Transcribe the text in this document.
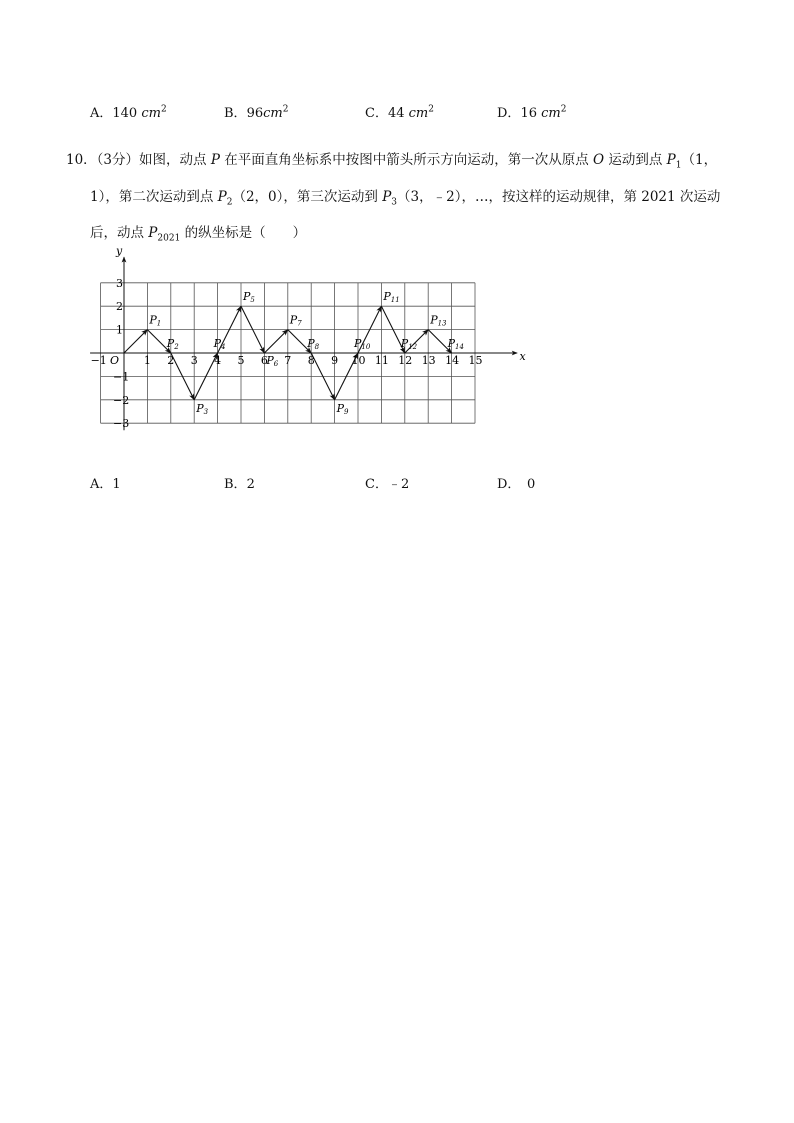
A．140 $cm^2$	B．$96cm^2$	C．44 $cm^2$	D．16 $cm^2$
10．（3分）如图，动点 P 在平面直角坐标系中按图中箭头所示方向运动，第一次从原点 O 运动到点 $P_1(1$，
1），第二次运动到点 $P_2(2$，0），第三次运动到 $P_3(3$，﹣2），…，按这样的运动规律，第 2021 次运动
后，动点 $P_{2021}$ 的纵坐标是（　　）
x
y
O
−1	1 2 3 4 5 6 7 8 9 10 11 12 13 14 15
3
2
1
−1
−2
−3
P1
P2
P3
P4
P5
P6
P7
P8
P9
P10
P11
P12
P13
P14
A．1	B．2	C．﹣2	D．　0
